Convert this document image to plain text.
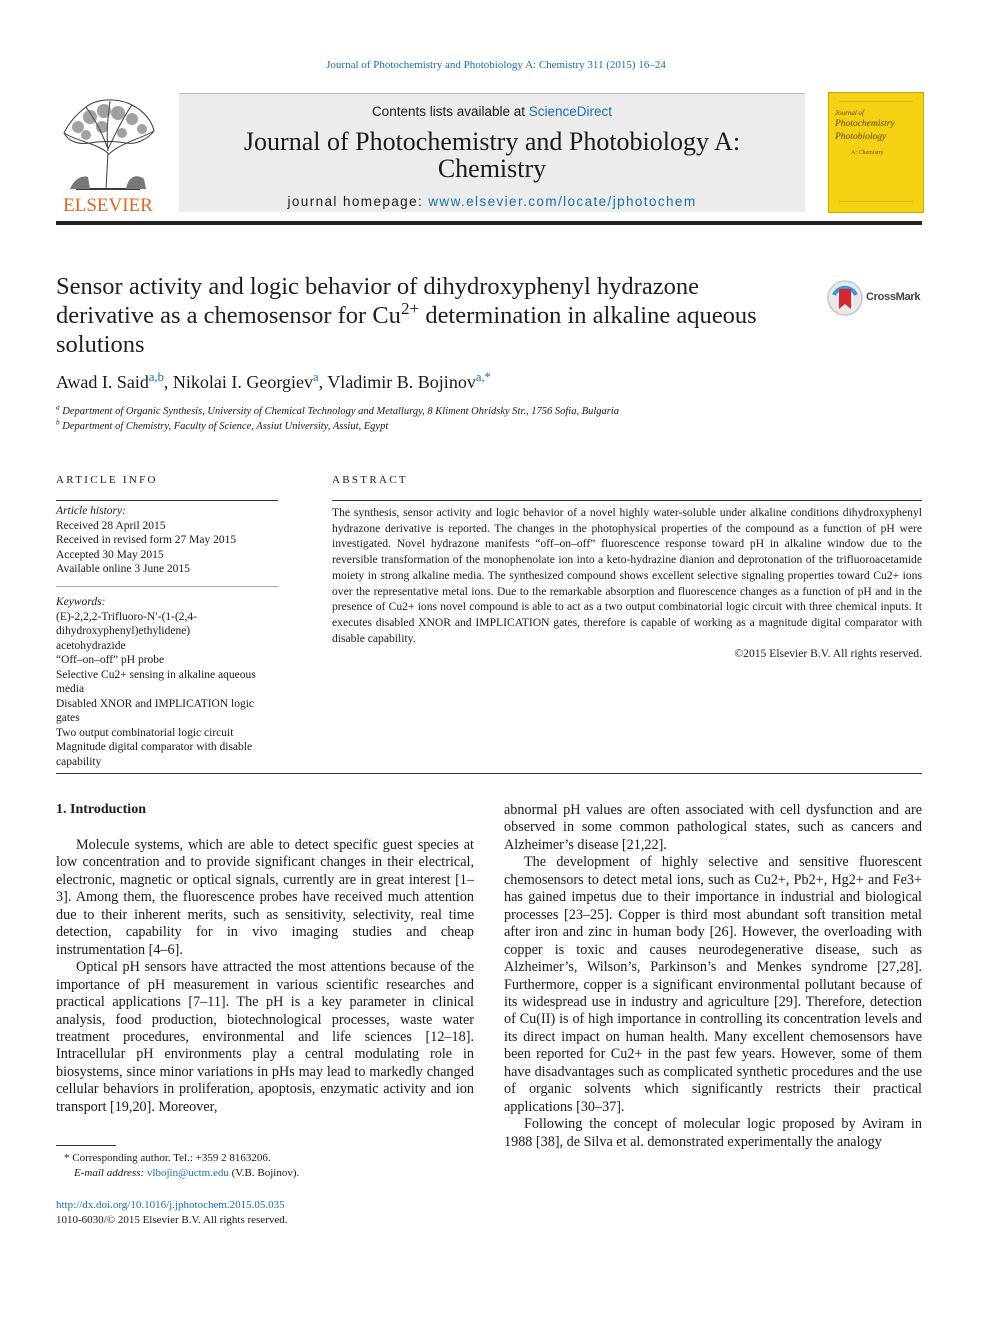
Journal of Photochemistry and Photobiology A: Chemistry 311 (2015) 16–24
ELSEVIER
Contents lists available at ScienceDirect
Journal of Photochemistry and Photobiology A:
Chemistry
journal homepage: www.elsevier.com/locate/jphotochem
Journal of
Photochemistry
Photobiology
A: Chemistry
Sensor activity and logic behavior of dihydroxyphenyl hydrazone
derivative as a chemosensor for $Cu^{2+}$ determination in alkaline aqueous
solutions
CrossMark
Awad I. Said$^{a,b}$, Nikolai I. Georgiev$^a$, Vladimir B. Bojinov$^{a,*}$
$^a$ Department of Organic Synthesis, University of Chemical Technology and Metallurgy, 8 Kliment Ohridsky Str., 1756 Sofia, Bulgaria
$^b$ Department of Chemistry, Faculty of Science, Assiut University, Assiut, Egypt
ARTICLE INFO
Article history:
Received 28 April 2015
Received in revised form 27 May 2015
Accepted 30 May 2015
Available online 3 June 2015
Keywords:
(E)-2,2,2-Trifluoro-N′-(1-(2,4-
dihydroxyphenyl)ethylidene)
acetohydrazide
“Off–on–off” pH probe
Selective Cu2+ sensing in alkaline aqueous
media
Disabled XNOR and IMPLICATION logic
gates
Two output combinatorial logic circuit
Magnitude digital comparator with disable
capability
ABSTRACT
The synthesis, sensor activity and logic behavior of a novel highly water-soluble under alkaline conditions dihydroxyphenyl hydrazone derivative is reported. The changes in the photophysical properties of the compound as a function of pH were investigated. Novel hydrazone manifests “off–on–off” fluorescence response toward pH in alkaline window due to the reversible transformation of the monophenolate ion into a keto-hydrazine dianion and deprotonation of the trifluoroacetamide moiety in strong alkaline media. The synthesized compound shows excellent selective signaling properties toward Cu2+ ions over the representative metal ions. Due to the remarkable absorption and fluorescence changes as a function of pH and in the presence of Cu2+ ions novel compound is able to act as a two output combinatorial logic circuit with three chemical inputs. It executes disabled XNOR and IMPLICATION gates, therefore is capable of working as a magnitude digital comparator with disable capability.
©2015 Elsevier B.V. All rights reserved.
1. Introduction

Molecule systems, which are able to detect specific guest species at low concentration and to provide significant changes in their electrical, electronic, magnetic or optical signals, currently are in great interest [1–3]. Among them, the fluorescence probes have received much attention due to their inherent merits, such as sensitivity, selectivity, real time detection, capability for in vivo imaging studies and cheap instrumentation [4–6].

Optical pH sensors have attracted the most attentions because of the importance of pH measurement in various scientific researches and practical applications [7–11]. The pH is a key parameter in clinical analysis, food production, biotechnological processes, waste water treatment procedures, environmental and life sciences [12–18]. Intracellular pH environments play a central modulating role in biosystems, since minor variations in pHs may lead to markedly changed cellular behaviors in proliferation, apoptosis, enzymatic activity and ion transport [19,20]. Moreover,

abnormal pH values are often associated with cell dysfunction and are observed in some common pathological states, such as cancers and Alzheimer’s disease [21,22].

The development of highly selective and sensitive fluorescent chemosensors to detect metal ions, such as Cu2+, Pb2+, Hg2+ and Fe3+ has gained impetus due to their importance in industrial and biological processes [23–25]. Copper is third most abundant soft transition metal after iron and zinc in human body [26]. However, the overloading with copper is toxic and causes neurodegenerative disease, such as Alzheimer’s, Wilson’s, Parkinson’s and Menkes syndrome [27,28]. Furthermore, copper is a significant environmental pollutant because of its widespread use in industry and agriculture [29]. Therefore, detection of Cu(II) is of high importance in controlling its concentration levels and its direct impact on human health. Many excellent chemosensors have been reported for Cu2+ in the past few years. However, some of them have disadvantages such as complicated synthetic procedures and the use of organic solvents which significantly restricts their practical applications [30–37].

Following the concept of molecular logic proposed by Aviram in 1988 [38], de Silva et al. demonstrated experimentally the analogy

* Corresponding author. Tel.: +359 2 8163206.
E-mail address: vlbojin@uctm.edu (V.B. Bojinov).
http://dx.doi.org/10.1016/j.jphotochem.2015.05.035
1010-6030/© 2015 Elsevier B.V. All rights reserved.
